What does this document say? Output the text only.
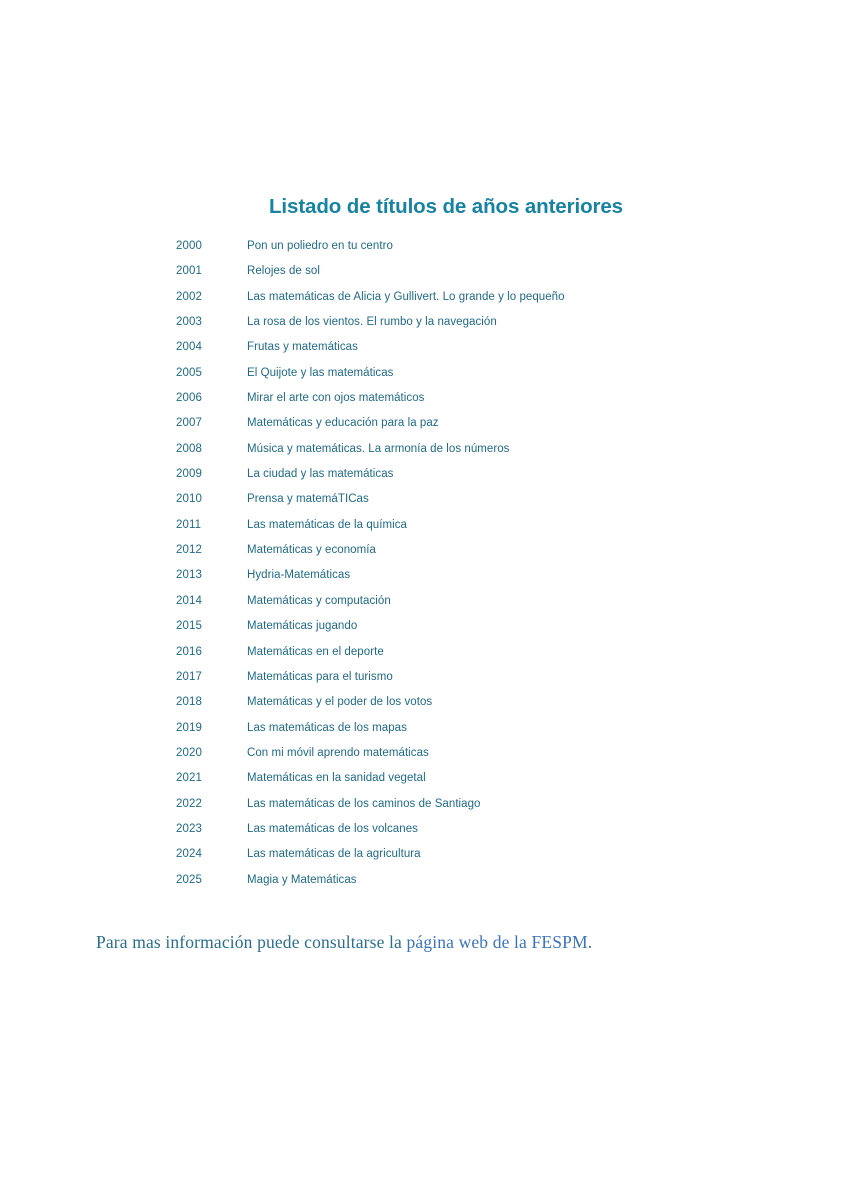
Listado de títulos de años anteriores
2000	Pon un poliedro en tu centro
2001	Relojes de sol
2002	Las matemáticas de Alicia y Gullivert. Lo grande y lo pequeño
2003	La rosa de los vientos. El rumbo y la navegación
2004	Frutas y matemáticas
2005	El Quijote y las matemáticas
2006	Mirar el arte con ojos matemáticos
2007	Matemáticas y educación para la paz
2008	Música y matemáticas. La armonía de los números
2009	La ciudad y las matemáticas
2010	Prensa y matemáTICas
2011	Las matemáticas de la química
2012	Matemáticas y economía
2013	Hydria-Matemáticas
2014	Matemáticas y computación
2015	Matemáticas jugando
2016	Matemáticas en el deporte
2017	Matemáticas para el turismo
2018	Matemáticas y el poder de los votos
2019	Las matemáticas de los mapas
2020	Con mi móvil aprendo matemáticas
2021	Matemáticas en la sanidad vegetal
2022	Las matemáticas de los caminos de Santiago
2023	Las matemáticas de los volcanes
2024	Las matemáticas de la agricultura
2025	Magia y Matemáticas
Para mas información puede consultarse la página web de la FESPM.
